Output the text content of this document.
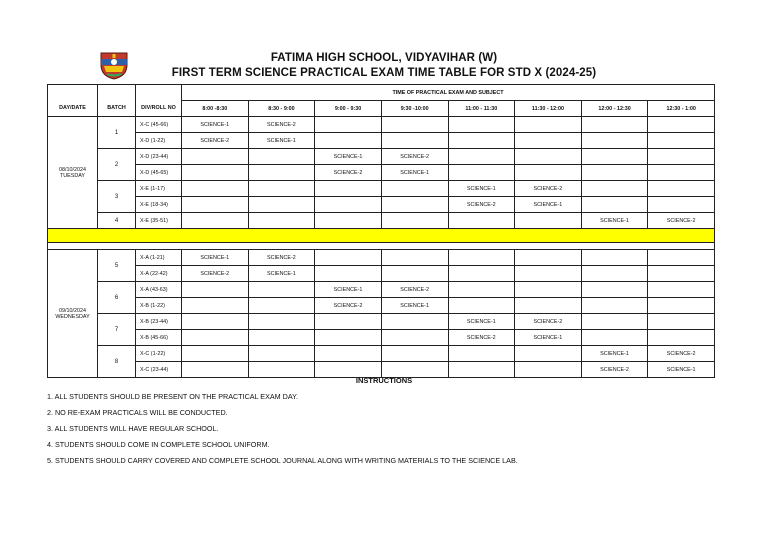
FATIMA HIGH SCHOOL, VIDYAVIHAR (W)
FIRST TERM SCIENCE PRACTICAL EXAM TIME TABLE FOR STD X (2024-25)
			TIME OF PRACTICAL EXAM AND SUBJECT							
DAY/DATE	BATCH	DIV/ROLL NO	8:00 -8:30	8:30 - 9:00	9:00 - 9:30	9:30 -10:00	11:00 - 11:30	11:30 - 12:00	12:00 - 12:30	12:30 - 1:00

08/10/2024
TUESDAY	1	X-C (45-66)	SCIENCE-1	SCIENCE-2						
		X-D (1-22)	SCIENCE-2	SCIENCE-1						
	2	X-D (23-44)			SCIENCE-1	SCIENCE-2				
		X-D (45-65)			SCIENCE-2	SCIENCE-1				
	3	X-E (1-17)					SCIENCE-1	SCIENCE-2		
		X-E (18-34)					SCIENCE-2	SCIENCE-1		
	4	X-E (35-51)							SCIENCE-1	SCIENCE-2

09/10/2024
WEDNESDAY	5	X-A (1-21)	SCIENCE-1	SCIENCE-2						
		X-A (22-42)	SCIENCE-2	SCIENCE-1						
	6	X-A (43-63)			SCIENCE-1	SCIENCE-2				
		X-B (1-22)			SCIENCE-2	SCIENCE-1				
	7	X-B (23-44)					SCIENCE-1	SCIENCE-2		
		X-B (45-66)					SCIENCE-2	SCIENCE-1		
	8	X-C (1-22)							SCIENCE-1	SCIENCE-2
		X-C (23-44)							SCIENCE-2	SCIENCE-1
INSTRUCTIONS
1. ALL STUDENTS SHOULD BE PRESENT ON THE PRACTICAL EXAM DAY.
2. NO RE-EXAM PRACTICALS WILL BE CONDUCTED.
3. ALL STUDENTS WILL HAVE REGULAR SCHOOL.
4. STUDENTS SHOULD COME IN COMPLETE SCHOOL UNIFORM.
5. STUDENTS SHOULD CARRY COVERED AND COMPLETE SCHOOL JOURNAL ALONG WITH WRITING MATERIALS TO THE SCIENCE LAB.
